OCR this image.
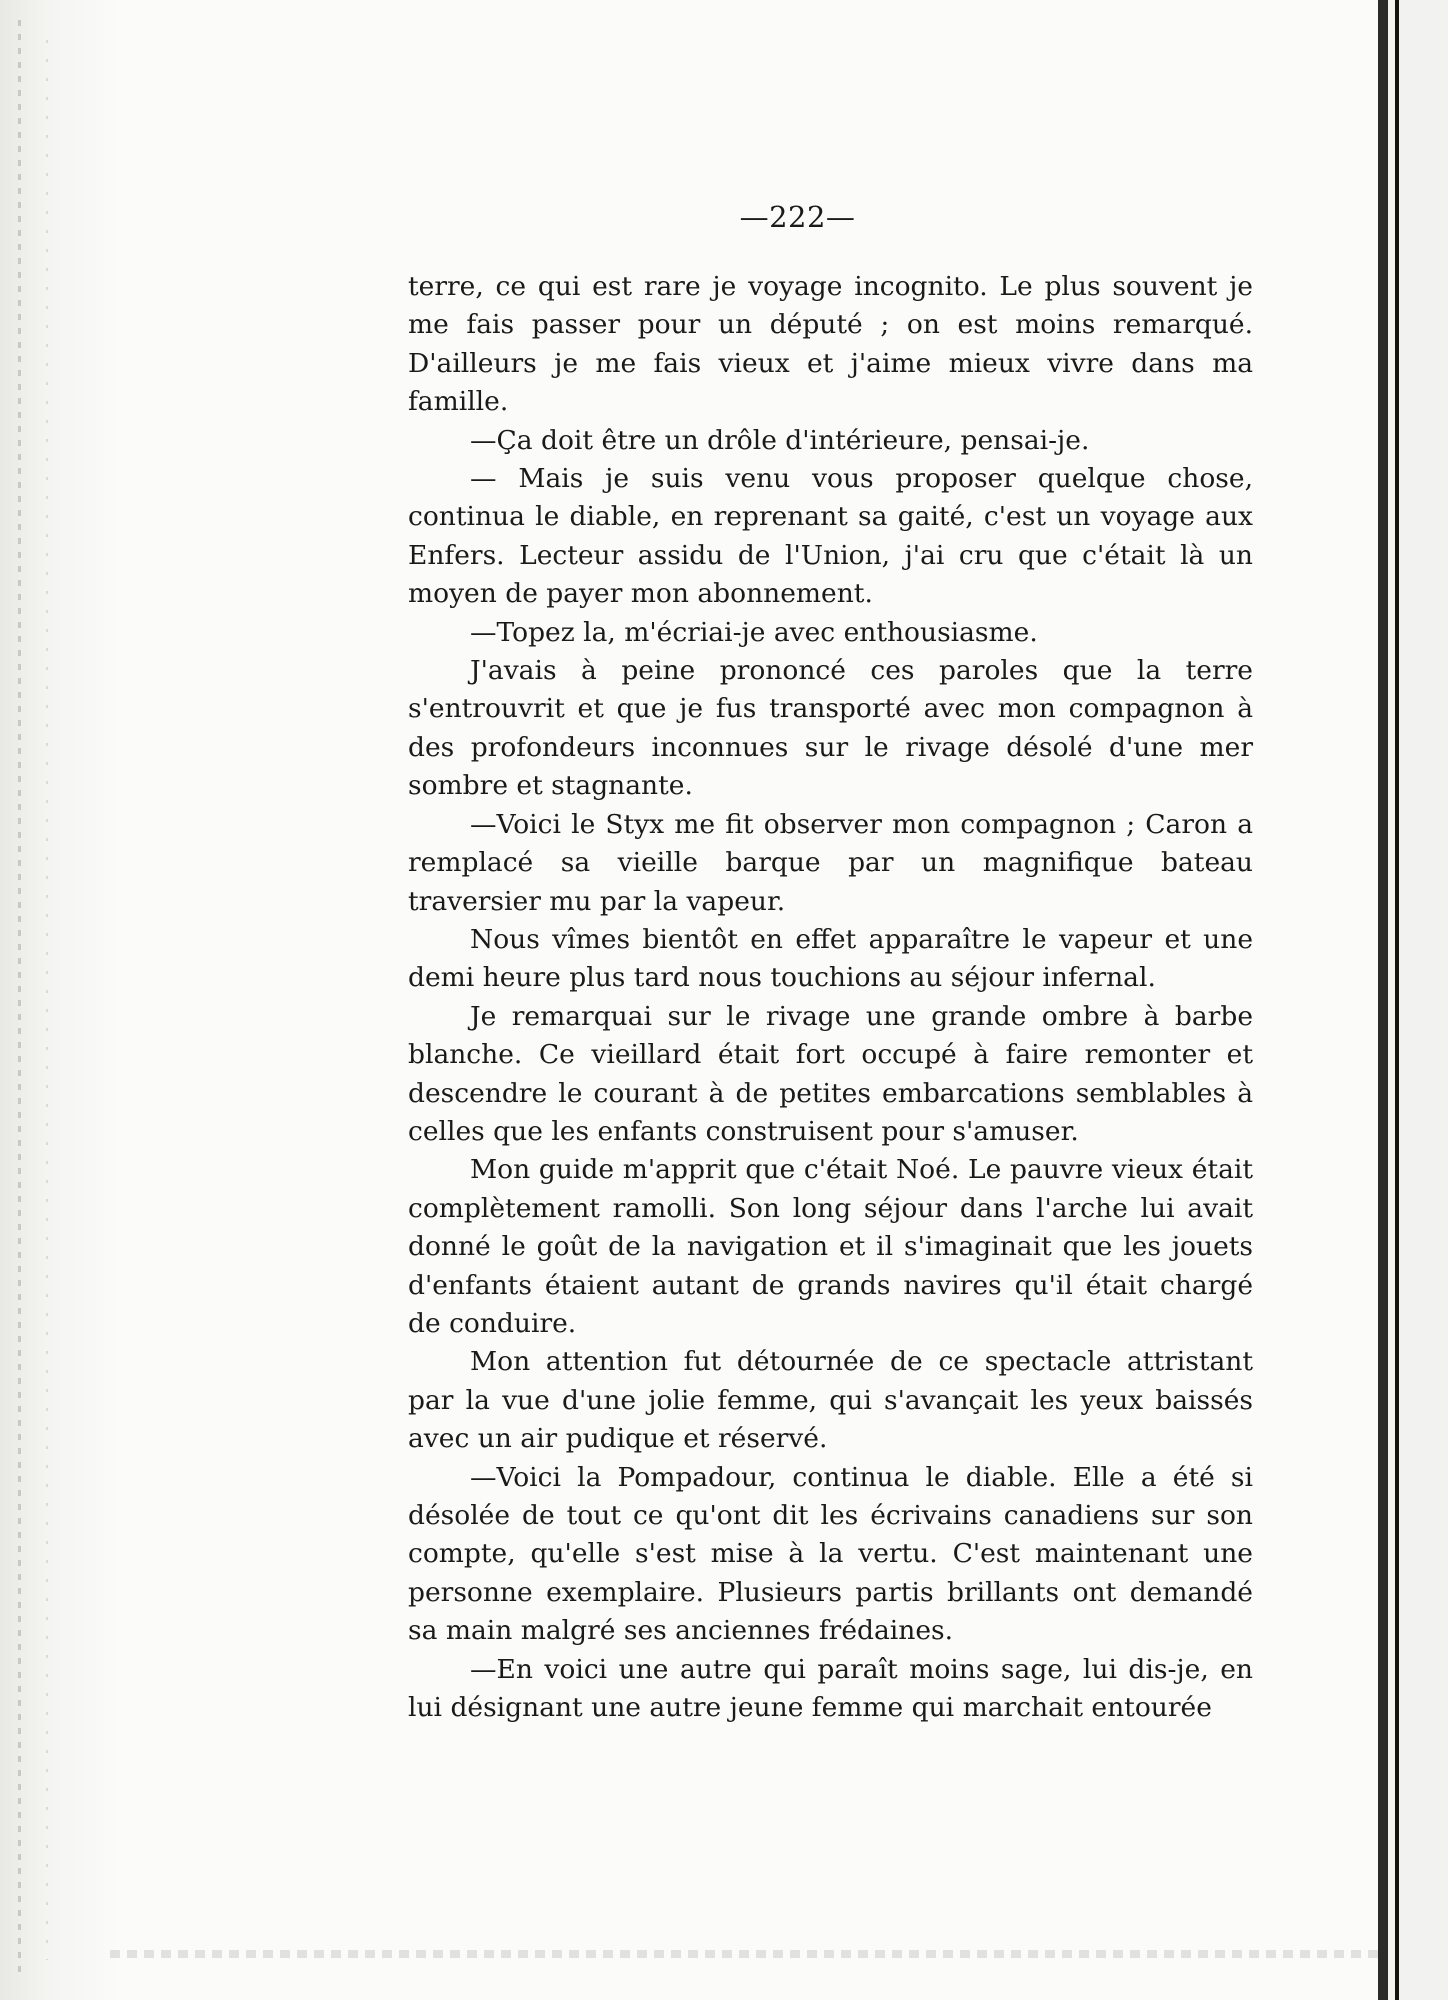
—222—

terre, ce qui est rare je voyage incognito. Le plus souvent je me fais passer pour un député ; on est moins remarqué. D'ailleurs je me fais vieux et j'aime mieux vivre dans ma famille.

—Ça doit être un drôle d'intérieure, pensai-je.

— Mais je suis venu vous proposer quelque chose, continua le diable, en reprenant sa gaité, c'est un voyage aux Enfers. Lecteur assidu de l'Union, j'ai cru que c'était là un moyen de payer mon abonnement.

—Topez la, m'écriai-je avec enthousiasme.

J'avais à peine prononcé ces paroles que la terre s'entrouvrit et que je fus transporté avec mon compagnon à des profondeurs inconnues sur le rivage désolé d'une mer sombre et stagnante.

—Voici le Styx me fit observer mon compagnon ; Caron a remplacé sa vieille barque par un magnifique bateau traversier mu par la vapeur.

Nous vîmes bientôt en effet apparaître le vapeur et une demi heure plus tard nous touchions au séjour infernal.

Je remarquai sur le rivage une grande ombre à barbe blanche. Ce vieillard était fort occupé à faire remonter et descendre le courant à de petites embarcations semblables à celles que les enfants construisent pour s'amuser.

Mon guide m'apprit que c'était Noé. Le pauvre vieux était complètement ramolli. Son long séjour dans l'arche lui avait donné le goût de la navigation et il s'imaginait que les jouets d'enfants étaient autant de grands navires qu'il était chargé de conduire.

Mon attention fut détournée de ce spectacle attristant par la vue d'une jolie femme, qui s'avançait les yeux baissés avec un air pudique et réservé.

—Voici la Pompadour, continua le diable. Elle a été si désolée de tout ce qu'ont dit les écrivains canadiens sur son compte, qu'elle s'est mise à la vertu. C'est maintenant une personne exemplaire. Plusieurs partis brillants ont demandé sa main malgré ses anciennes frédaines.

—En voici une autre qui paraît moins sage, lui dis-je, en lui désignant une autre jeune femme qui marchait entourée
